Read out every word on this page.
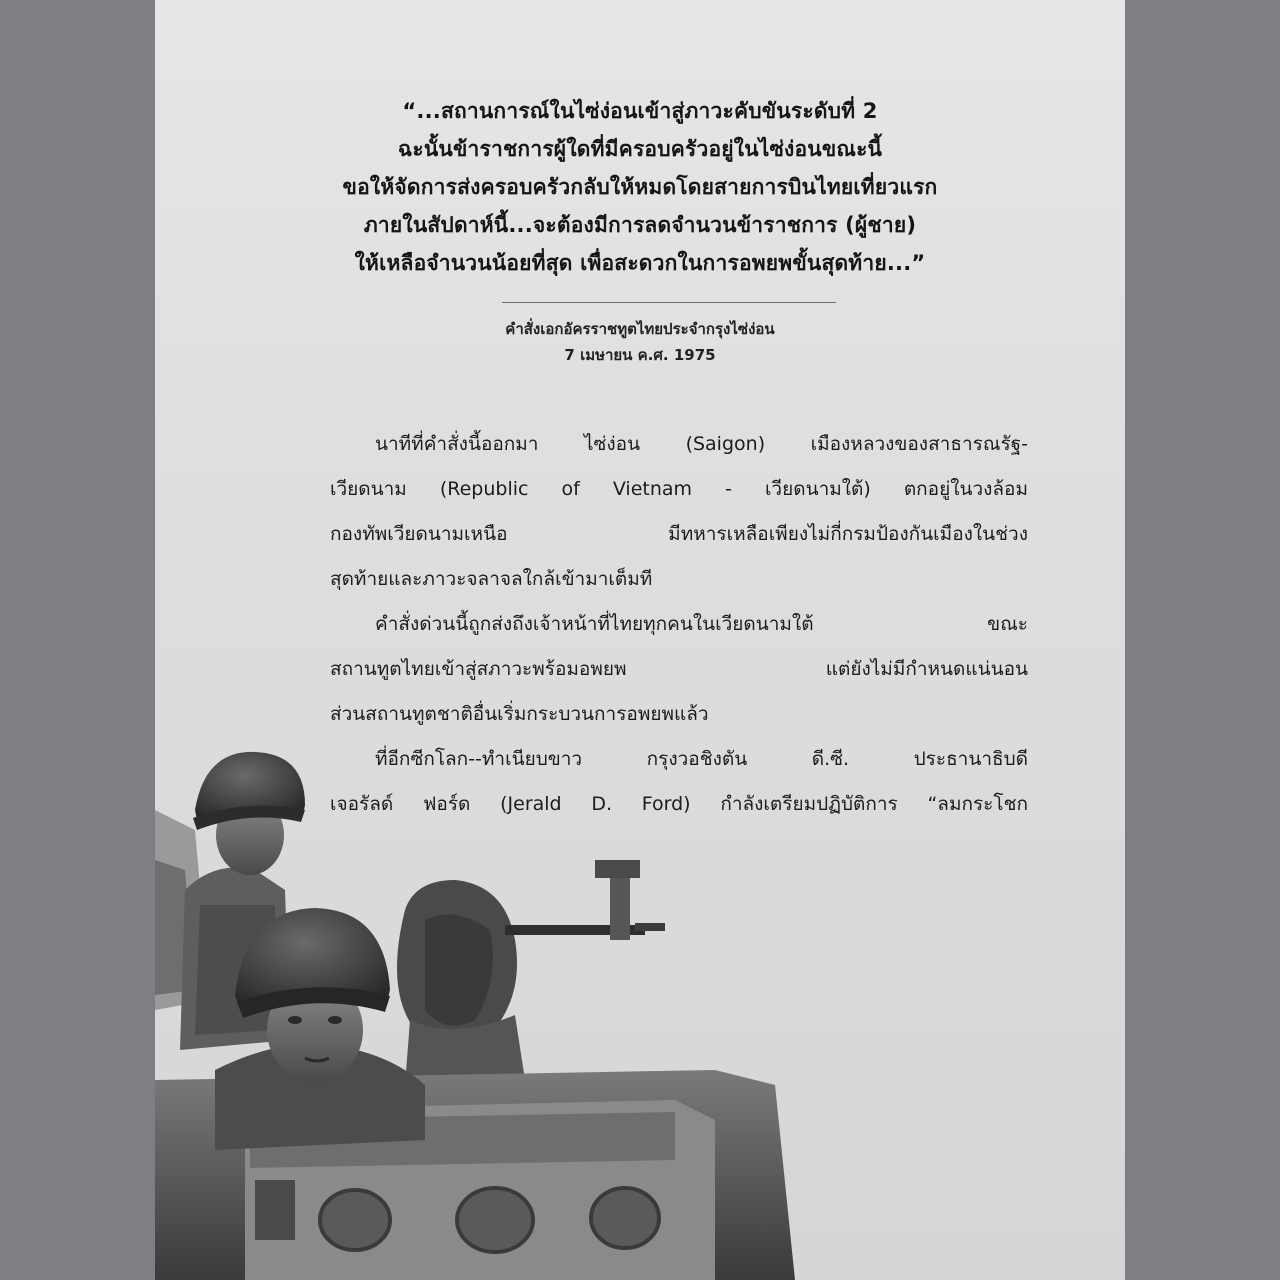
“...สถานการณ์ในไซ่ง่อนเข้าสู่ภาวะคับขันระดับที่ 2
ฉะนั้นข้าราชการผู้ใดที่มีครอบครัวอยู่ในไซ่ง่อนขณะนี้
ขอให้จัดการส่งครอบครัวกลับให้หมดโดยสายการบินไทยเที่ยวแรก
ภายในสัปดาห์นี้...จะต้องมีการลดจำนวนข้าราชการ (ผู้ชาย)
ให้เหลือจำนวนน้อยที่สุด เพื่อสะดวกในการอพยพขั้นสุดท้าย...”
คำสั่งเอกอัครราชทูตไทยประจำกรุงไซ่ง่อน
7 เมษายน ค.ศ. 1975

นาทีที่คำสั่งนี้ออกมา ไซ่ง่อน (Saigon) เมืองหลวงของสาธารณรัฐ-
เวียดนาม (Republic of Vietnam - เวียดนามใต้) ตกอยู่ในวงล้อม
กองทัพเวียดนามเหนือ มีทหารเหลือเพียงไม่กี่กรมป้องกันเมืองในช่วง
สุดท้ายและภาวะจลาจลใกล้เข้ามาเต็มที

คำสั่งด่วนนี้ถูกส่งถึงเจ้าหน้าที่ไทยทุกคนในเวียดนามใต้ ขณะ
สถานทูตไทยเข้าสู่สภาวะพร้อมอพยพ แต่ยังไม่มีกำหนดแน่นอน
ส่วนสถานทูตชาติอื่นเริ่มกระบวนการอพยพแล้ว

ที่อีกซีกโลก--ทำเนียบขาว กรุงวอชิงตัน ดี.ซี. ประธานาธิบดี
เจอรัลด์ ฟอร์ด (Jerald D. Ford) กำลังเตรียมปฏิบัติการ “ลมกระโชก
